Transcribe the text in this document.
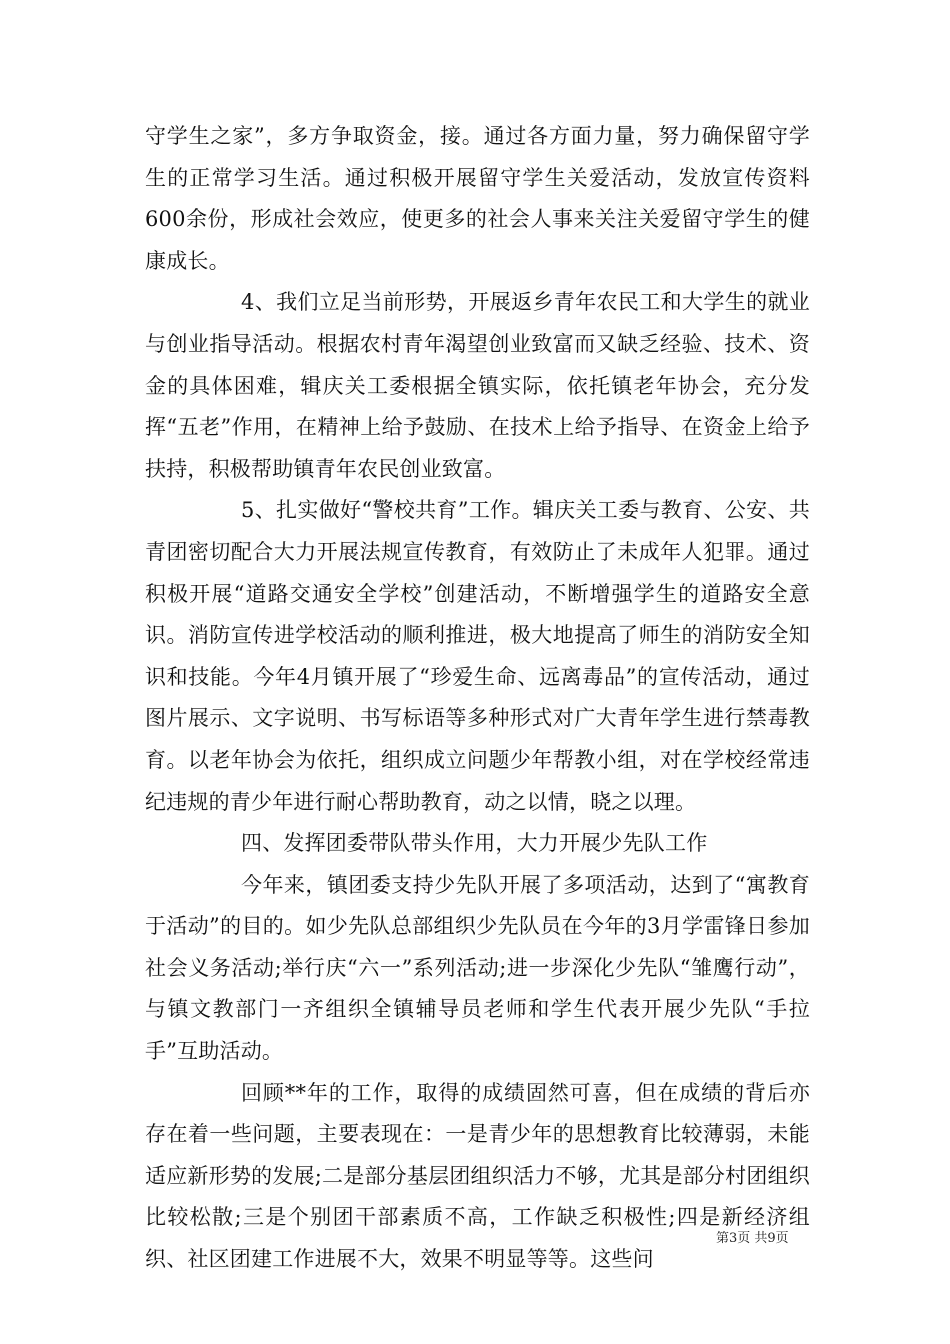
守学生之家”，多方争取资金，接。通过各方面力量，努力确保留守学生的正常学习生活。通过积极开展留守学生关爱活动，发放宣传资料600余份，形成社会效应，使更多的社会人事来关注关爱留守学生的健康成长。

4、我们立足当前形势，开展返乡青年农民工和大学生的就业与创业指导活动。根据农村青年渴望创业致富而又缺乏经验、技术、资金的具体困难，辑庆关工委根据全镇实际，依托镇老年协会，充分发挥“五老”作用，在精神上给予鼓励、在技术上给予指导、在资金上给予扶持，积极帮助镇青年农民创业致富。

5、扎实做好“警校共育”工作。辑庆关工委与教育、公安、共青团密切配合大力开展法规宣传教育，有效防止了未成年人犯罪。通过积极开展“道路交通安全学校”创建活动，不断增强学生的道路安全意识。消防宣传进学校活动的顺利推进，极大地提高了师生的消防安全知识和技能。今年4月镇开展了“珍爱生命、远离毒品”的宣传活动，通过图片展示、文字说明、书写标语等多种形式对广大青年学生进行禁毒教育。以老年协会为依托，组织成立问题少年帮教小组，对在学校经常违纪违规的青少年进行耐心帮助教育，动之以情，晓之以理。

四、发挥团委带队带头作用，大力开展少先队工作

今年来，镇团委支持少先队开展了多项活动，达到了“寓教育于活动”的目的。如少先队总部组织少先队员在今年的3月学雷锋日参加社会义务活动;举行庆“六一”系列活动;进一步深化少先队“雏鹰行动”，与镇文教部门一齐组织全镇辅导员老师和学生代表开展少先队“手拉手”互助活动。

回顾**年的工作，取得的成绩固然可喜，但在成绩的背后亦存在着一些问题，主要表现在：一是青少年的思想教育比较薄弱，未能适应新形势的发展;二是部分基层团组织活力不够，尤其是部分村团组织比较松散;三是个别团干部素质不高，工作缺乏积极性;四是新经济组织、社区团建工作进展不大，效果不明显等等。这些问

第3页 共9页
